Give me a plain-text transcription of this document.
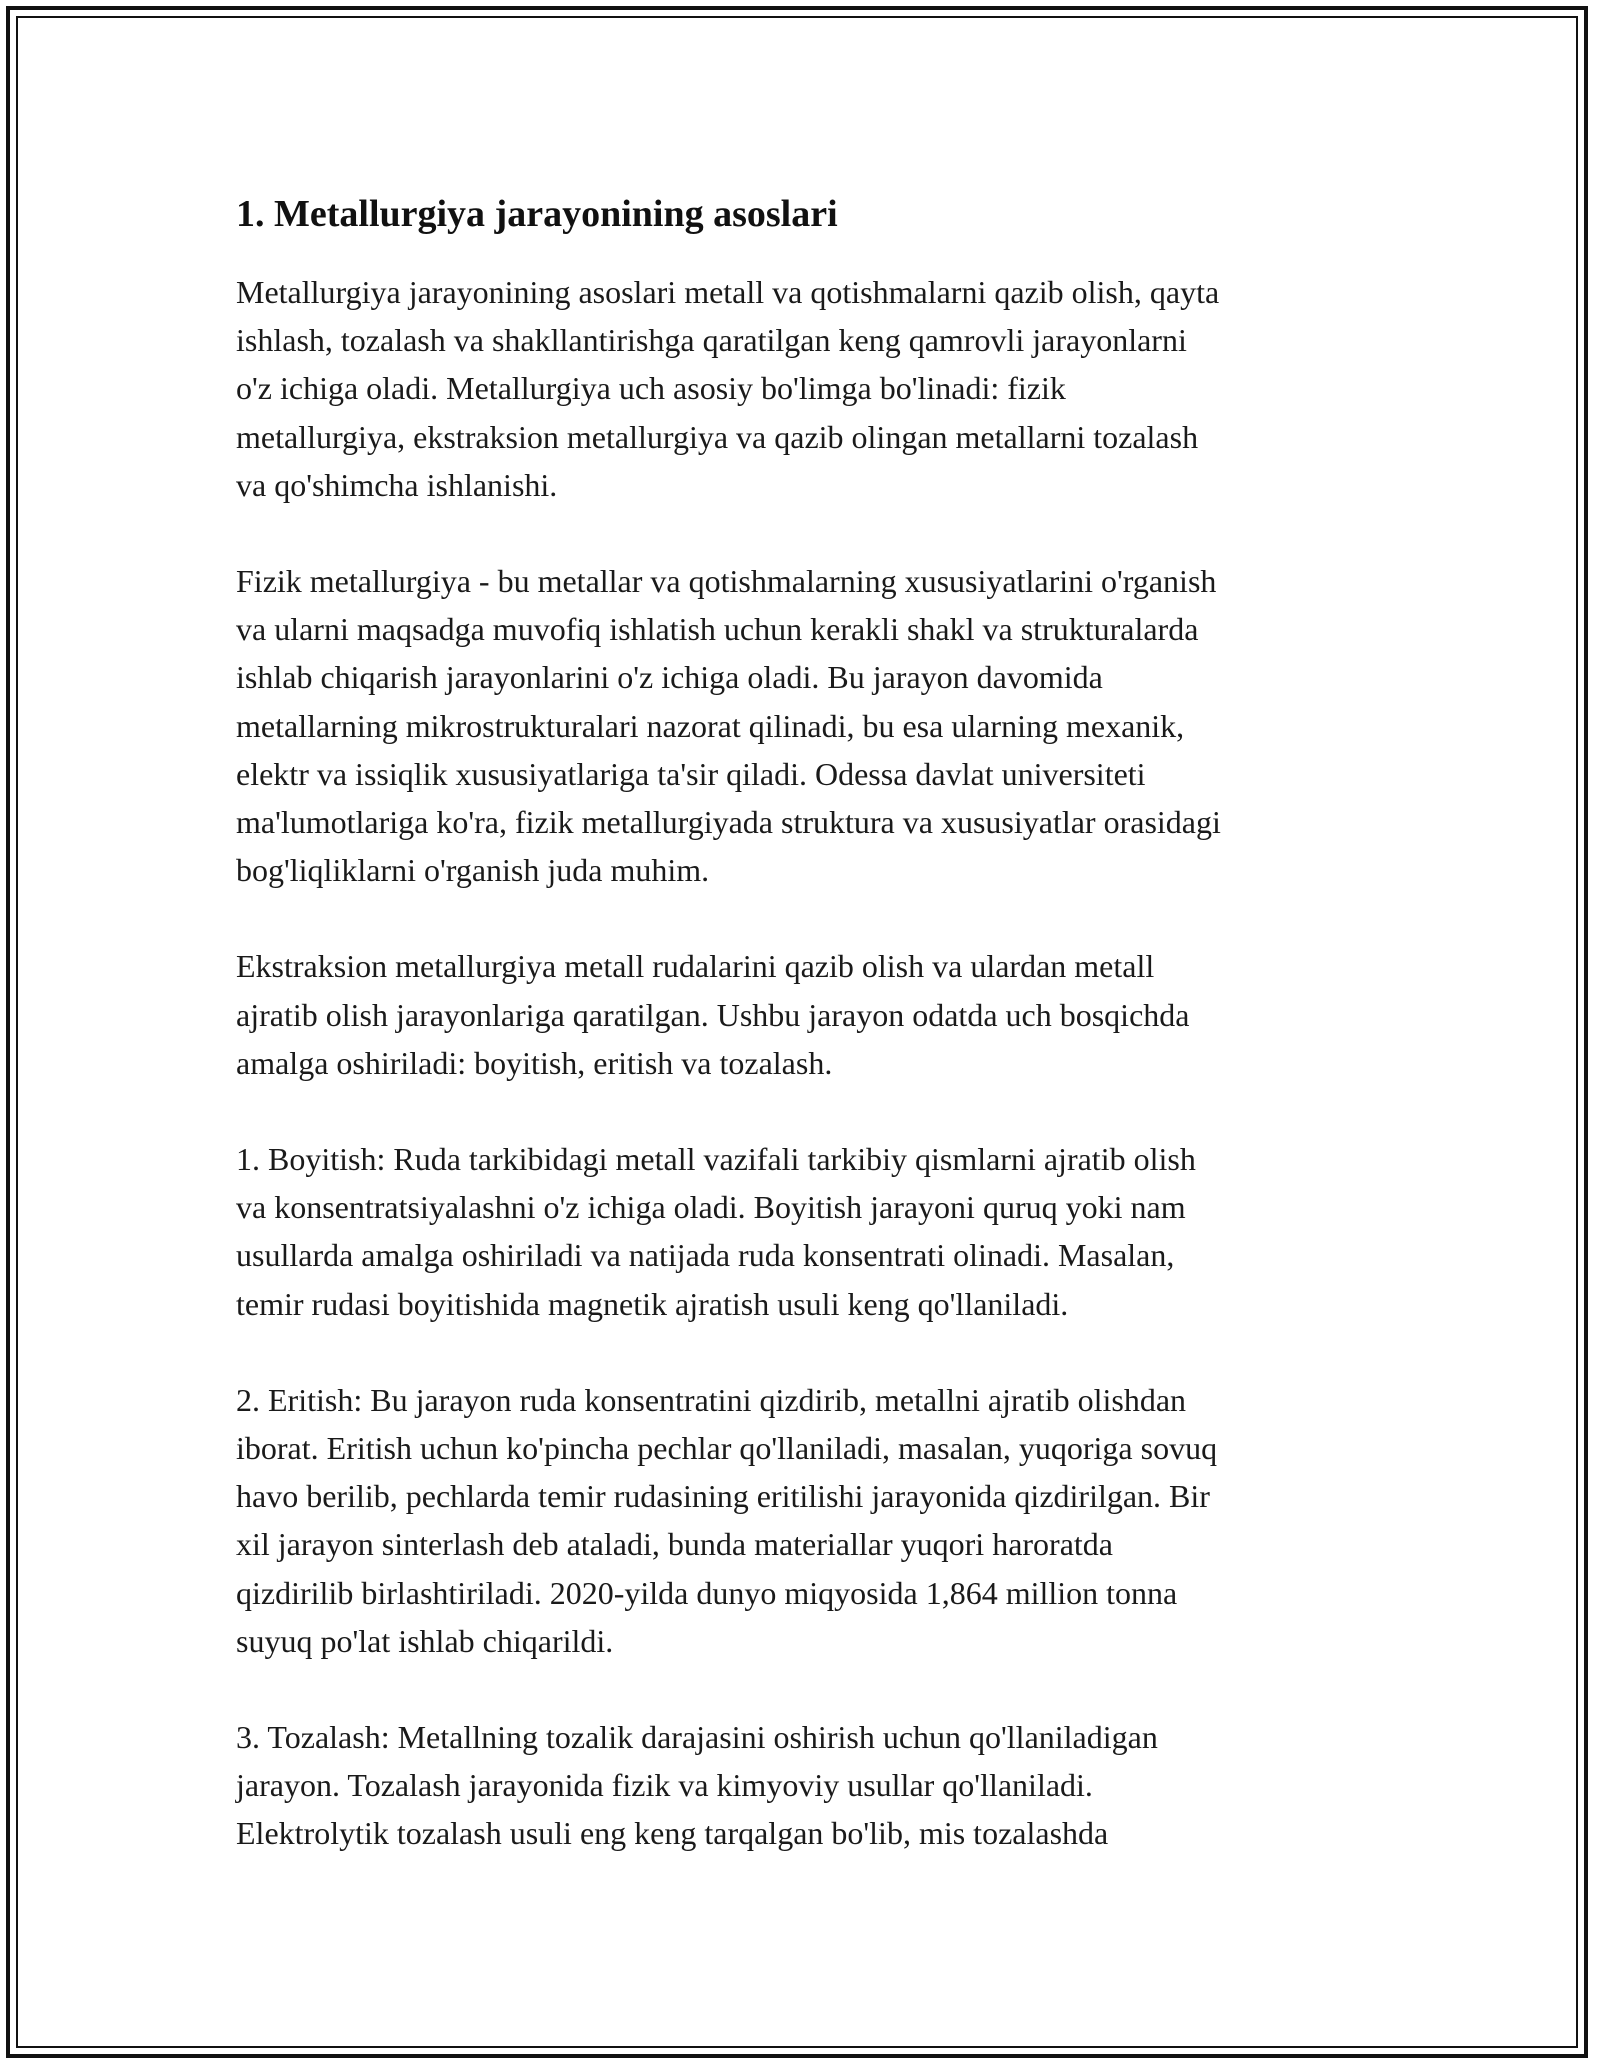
1. Metallurgiya jarayonining asoslari

Metallurgiya jarayonining asoslari metall va qotishmalarni qazib olish, qayta
ishlash, tozalash va shakllantirishga qaratilgan keng qamrovli jarayonlarni
o'z ichiga oladi. Metallurgiya uch asosiy bo'limga bo'linadi: fizik
metallurgiya, ekstraksion metallurgiya va qazib olingan metallarni tozalash
va qo'shimcha ishlanishi.

Fizik metallurgiya - bu metallar va qotishmalarning xususiyatlarini o'rganish
va ularni maqsadga muvofiq ishlatish uchun kerakli shakl va strukturalarda
ishlab chiqarish jarayonlarini o'z ichiga oladi. Bu jarayon davomida
metallarning mikrostrukturalari nazorat qilinadi, bu esa ularning mexanik,
elektr va issiqlik xususiyatlariga ta'sir qiladi. Odessa davlat universiteti
ma'lumotlariga ko'ra, fizik metallurgiyada struktura va xususiyatlar orasidagi
bog'liqliklarni o'rganish juda muhim.

Ekstraksion metallurgiya metall rudalarini qazib olish va ulardan metall
ajratib olish jarayonlariga qaratilgan. Ushbu jarayon odatda uch bosqichda
amalga oshiriladi: boyitish, eritish va tozalash.

1. Boyitish: Ruda tarkibidagi metall vazifali tarkibiy qismlarni ajratib olish
va konsentratsiyalashni o'z ichiga oladi. Boyitish jarayoni quruq yoki nam
usullarda amalga oshiriladi va natijada ruda konsentrati olinadi. Masalan,
temir rudasi boyitishida magnetik ajratish usuli keng qo'llaniladi.

2. Eritish: Bu jarayon ruda konsentratini qizdirib, metallni ajratib olishdan
iborat. Eritish uchun ko'pincha pechlar qo'llaniladi, masalan, yuqoriga sovuq
havo berilib, pechlarda temir rudasining eritilishi jarayonida qizdirilgan. Bir
xil jarayon sinterlash deb ataladi, bunda materiallar yuqori haroratda
qizdirilib birlashtiriladi. 2020-yilda dunyo miqyosida 1,864 million tonna
suyuq po'lat ishlab chiqarildi.

3. Tozalash: Metallning tozalik darajasini oshirish uchun qo'llaniladigan
jarayon. Tozalash jarayonida fizik va kimyoviy usullar qo'llaniladi.
Elektrolytik tozalash usuli eng keng tarqalgan bo'lib, mis tozalashda
